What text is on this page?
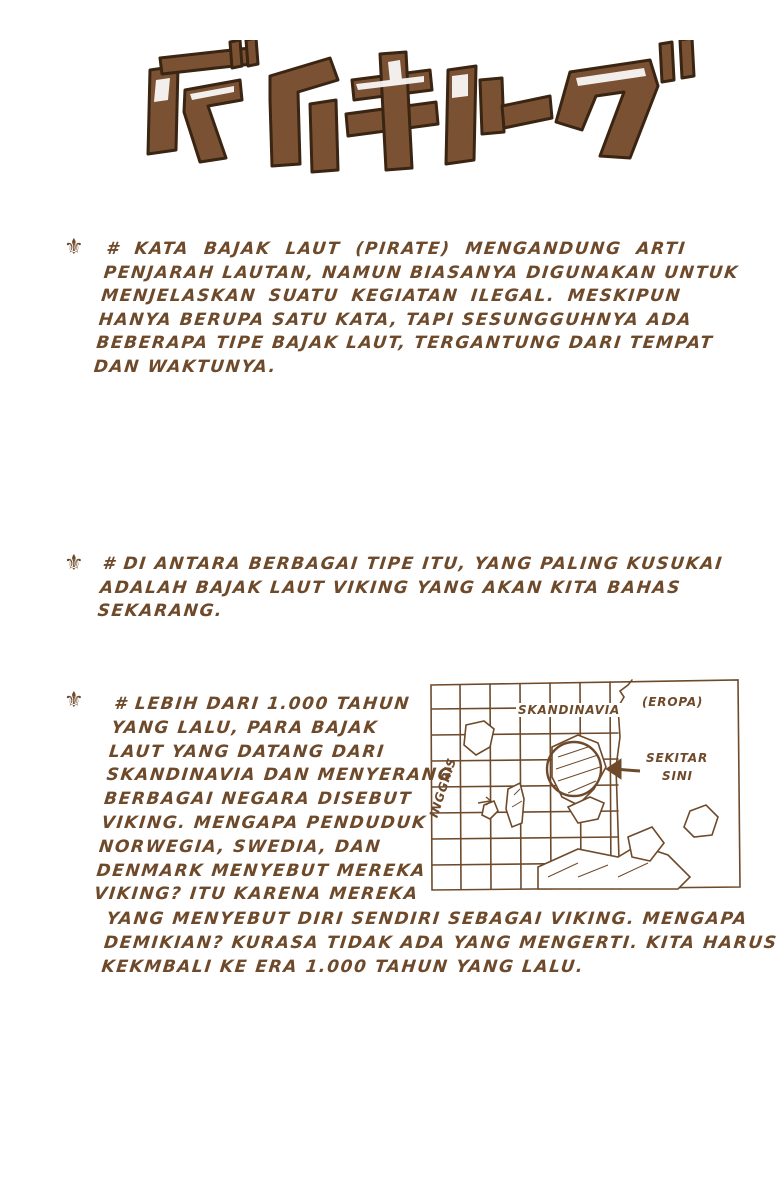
⚜ # KATA BAJAK LAUT (PIRATE) MENGANDUNG ARTI
PENJARAH LAUTAN, NAMUN BIASANYA DIGUNAKAN UNTUK
MENJELASKAN SUATU KEGIATAN ILEGAL. MESKIPUN
HANYA BERUPA SATU KATA, TAPI SESUNGGUHNYA ADA
BEBERAPA TIPE BAJAK LAUT, TERGANTUNG DARI TEMPAT
DAN WAKTUNYA.
⚜ # DI ANTARA BERBAGAI TIPE ITU, YANG PALING KUSUKAI
ADALAH BAJAK LAUT VIKING YANG AKAN KITA BAHAS
SEKARANG.
⚜ # LEBIH DARI 1.000 TAHUN
YANG LALU, PARA BAJAK
LAUT YANG DATANG DARI
SKANDINAVIA DAN MENYERANG
BERBAGAI NEGARA DISEBUT
VIKING. MENGAPA PENDUDUK
NORWEGIA, SWEDIA, DAN
DENMARK MENYEBUT MEREKA
VIKING? ITU KARENA MEREKA
YANG MENYEBUT DIRI SENDIRI SEBAGAI VIKING. MENGAPA
DEMIKIAN? KURASA TIDAK ADA YANG MENGERTI. KITA HARUS
KEKMBALI KE ERA 1.000 TAHUN YANG LALU.
SKANDINAVIA
(EROPA)
SEKITAR
SINI
INGGRIS
